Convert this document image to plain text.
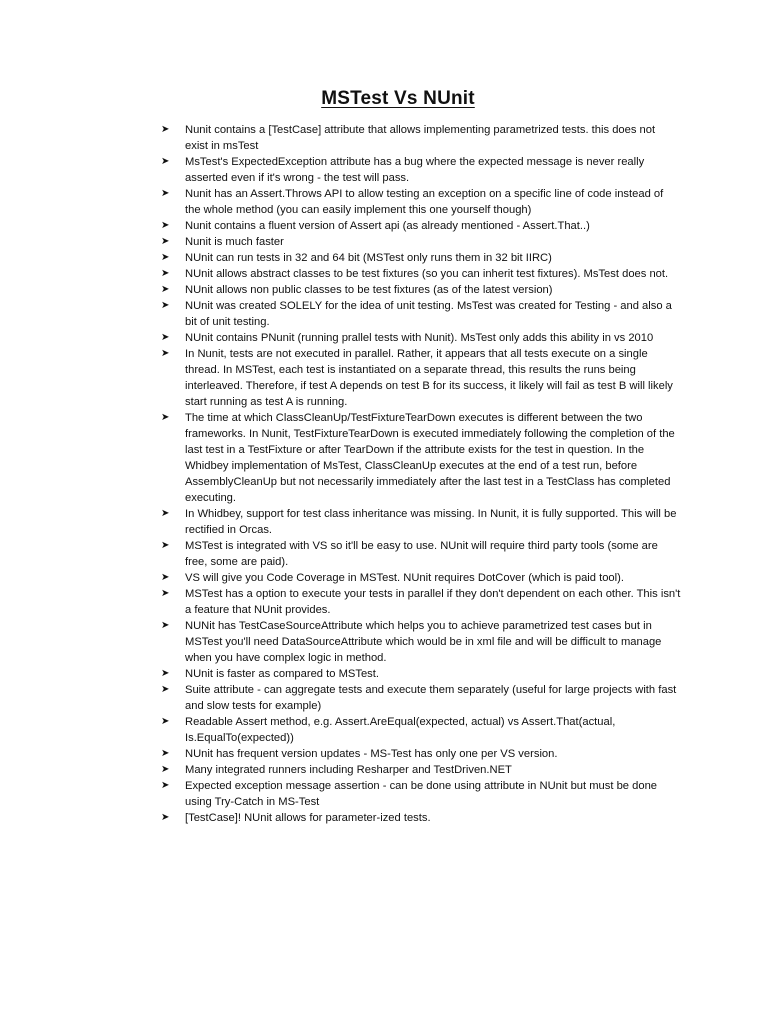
MSTest Vs NUnit
➤	Nunit contains a [TestCase] attribute that allows implementing parametrized tests. this does not exist in msTest
➤	MsTest's ExpectedException attribute has a bug where the expected message is never really asserted even if it's wrong - the test will pass.
➤	Nunit has an Assert.Throws API to allow testing an exception on a specific line of code instead of the whole method (you can easily implement this one yourself though)
➤	Nunit contains a fluent version of Assert api (as already mentioned - Assert.That..)
➤	Nunit is much faster
➤	NUnit can run tests in 32 and 64 bit (MSTest only runs them in 32 bit IIRC)
➤	NUnit allows abstract classes to be test fixtures (so you can inherit test fixtures). MsTest does not.
➤	NUnit allows non public classes to be test fixtures (as of the latest version)
➤	NUnit was created SOLELY for the idea of unit testing. MsTest was created for Testing - and also a bit of unit testing.
➤	NUnit contains PNunit (running prallel tests with Nunit). MsTest only adds this ability in vs 2010
➤	In Nunit, tests are not executed in parallel. Rather, it appears that all tests execute on a single thread. In MSTest, each test is instantiated on a separate thread, this results the runs being interleaved. Therefore, if test A depends on test B for its success, it likely will fail as test B will likely start running as test A is running.
➤	The time at which ClassCleanUp/TestFixtureTearDown executes is different between the two frameworks. In Nunit, TestFixtureTearDown is executed immediately following the completion of the last test in a TestFixture or after TearDown if the attribute exists for the test in question. In the Whidbey implementation of MsTest, ClassCleanUp executes at the end of a test run, before AssemblyCleanUp but not necessarily immediately after the last test in a TestClass has completed executing.
➤	In Whidbey, support for test class inheritance was missing. In Nunit, it is fully supported. This will be rectified in Orcas.
➤	MSTest is integrated with VS so it'll be easy to use. NUnit will require third party tools (some are free, some are paid).
➤	VS will give you Code Coverage in MSTest. NUnit requires DotCover (which is paid tool).
➤	MSTest has a option to execute your tests in parallel if they don't dependent on each other. This isn't a feature that NUnit provides.
➤	NUNit has TestCaseSourceAttribute which helps you to achieve parametrized test cases but in MSTest you'll need DataSourceAttribute which would be in xml file and will be difficult to manage when you have complex logic in method.
➤	NUnit is faster as compared to MSTest.
➤	Suite attribute - can aggregate tests and execute them separately (useful for large projects with fast and slow tests for example)
➤	Readable Assert method, e.g. Assert.AreEqual(expected, actual) vs Assert.That(actual, Is.EqualTo(expected))
➤	NUnit has frequent version updates - MS-Test has only one per VS version.
➤	Many integrated runners including Resharper and TestDriven.NET
➤	Expected exception message assertion - can be done using attribute in NUnit but must be done using Try-Catch in MS-Test
➤	[TestCase]! NUnit allows for parameter-ized tests.
